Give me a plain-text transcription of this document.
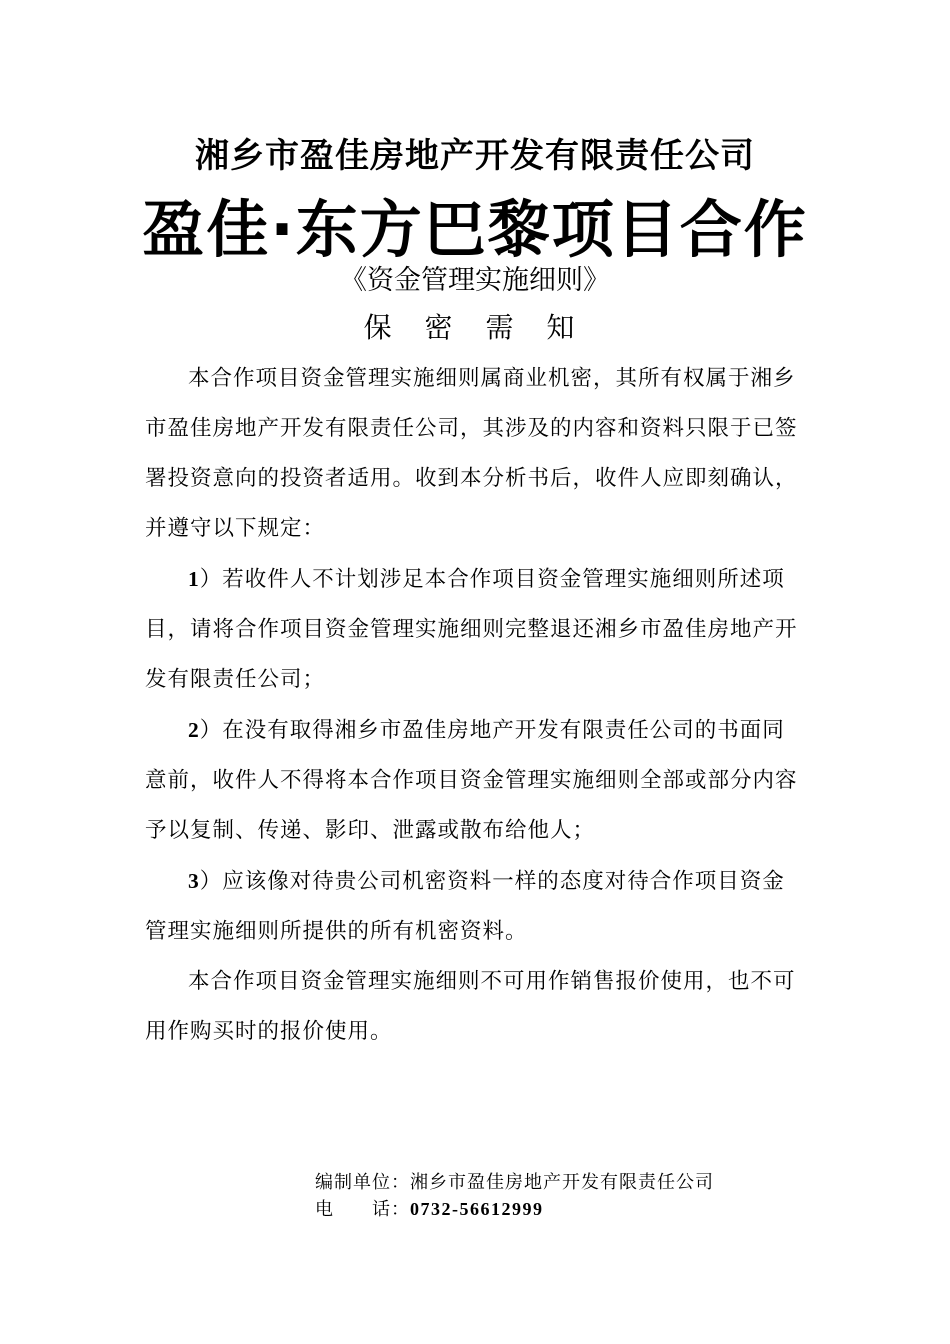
湘乡市盈佳房地产开发有限责任公司
盈佳·东方巴黎项目合作
《资金管理实施细则》
保 密 需 知

本合作项目资金管理实施细则属商业机密，其所有权属于湘乡市盈佳房地产开发有限责任公司，其涉及的内容和资料只限于已签署投资意向的投资者适用。收到本分析书后，收件人应即刻确认，并遵守以下规定：

1）若收件人不计划涉足本合作项目资金管理实施细则所述项目，请将合作项目资金管理实施细则完整退还湘乡市盈佳房地产开发有限责任公司；

2）在没有取得湘乡市盈佳房地产开发有限责任公司的书面同意前，收件人不得将本合作项目资金管理实施细则全部或部分内容予以复制、传递、影印、泄露或散布给他人；

3）应该像对待贵公司机密资料一样的态度对待合作项目资金管理实施细则所提供的所有机密资料。

本合作项目资金管理实施细则不可用作销售报价使用，也不可用作购买时的报价使用。

编制单位：湘乡市盈佳房地产开发有限责任公司
电　　话：0732-56612999
